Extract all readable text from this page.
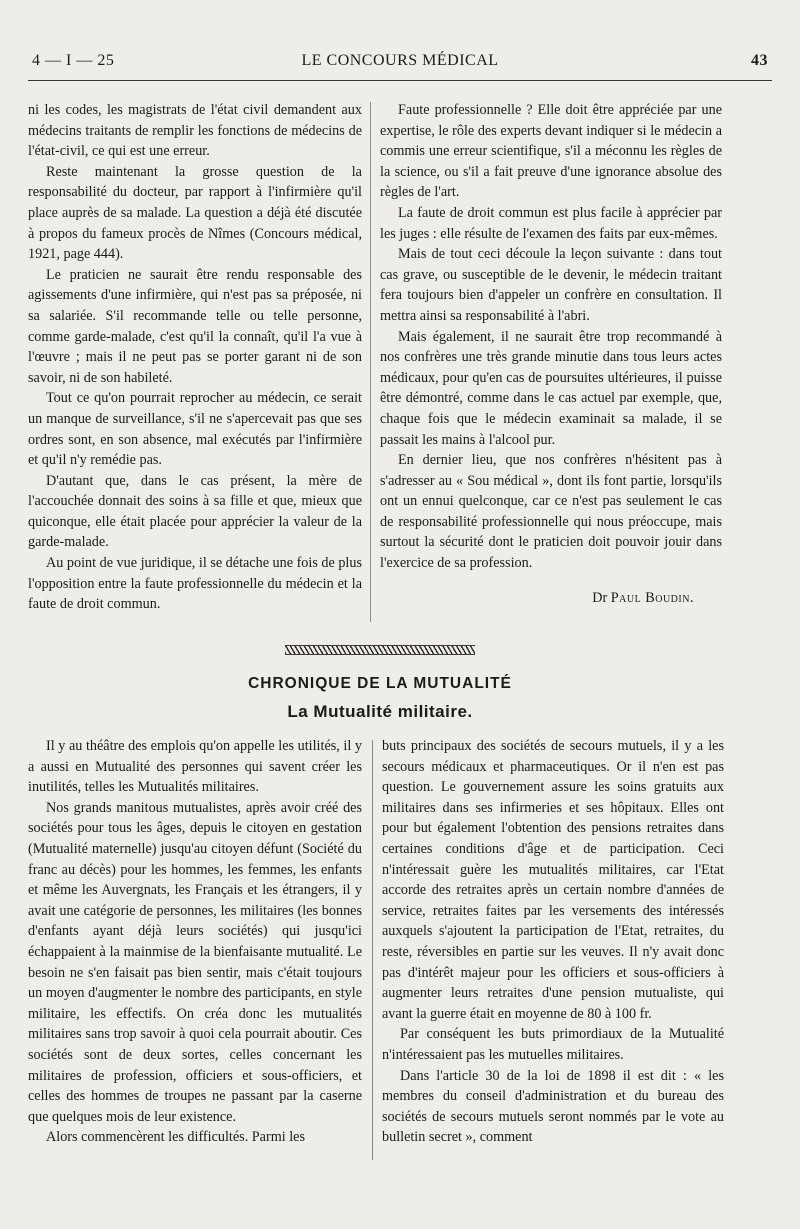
4 — I — 25	LE CONCOURS MÉDICAL	43

ni les codes, les magistrats de l'état civil demandent aux médecins traitants de remplir les fonctions de médecins de l'état-civil, ce qui est une erreur.

Reste maintenant la grosse question de la responsabilité du docteur, par rapport à l'infirmière qu'il place auprès de sa malade. La question a déjà été discutée à propos du fameux procès de Nîmes (Concours médical, 1921, page 444).

Le praticien ne saurait être rendu responsable des agissements d'une infirmière, qui n'est pas sa préposée, ni sa salariée. S'il recommande telle ou telle personne, comme garde-malade, c'est qu'il la connaît, qu'il l'a vue à l'œuvre ; mais il ne peut pas se porter garant ni de son savoir, ni de son habileté.

Tout ce qu'on pourrait reprocher au médecin, ce serait un manque de surveillance, s'il ne s'apercevait pas que ses ordres sont, en son absence, mal exécutés par l'infirmière et qu'il n'y remédie pas.

D'autant que, dans le cas présent, la mère de l'accouchée donnait des soins à sa fille et que, mieux que quiconque, elle était placée pour apprécier la valeur de la garde-malade.

Au point de vue juridique, il se détache une fois de plus l'opposition entre la faute professionnelle du médecin et la faute de droit commun.

Faute professionnelle ? Elle doit être appréciée par une expertise, le rôle des experts devant indiquer si le médecin a commis une erreur scientifique, s'il a méconnu les règles de la science, ou s'il a fait preuve d'une ignorance absolue des règles de l'art.

La faute de droit commun est plus facile à apprécier par les juges : elle résulte de l'examen des faits par eux-mêmes.

Mais de tout ceci découle la leçon suivante : dans tout cas grave, ou susceptible de le devenir, le médecin traitant fera toujours bien d'appeler un confrère en consultation. Il mettra ainsi sa responsabilité à l'abri.

Mais également, il ne saurait être trop recommandé à nos confrères une très grande minutie dans tous leurs actes médicaux, pour qu'en cas de poursuites ultérieures, il puisse être démontré, comme dans le cas actuel par exemple, que, chaque fois que le médecin examinait sa malade, il se passait les mains à l'alcool pur.

En dernier lieu, que nos confrères n'hésitent pas à s'adresser au « Sou médical », dont ils font partie, lorsqu'ils ont un ennui quelconque, car ce n'est pas seulement le cas de responsabilité professionnelle qui nous préoccupe, mais surtout la sécurité dont le praticien doit pouvoir jouir dans l'exercice de sa profession.

Dr Paul Boudin.

CHRONIQUE DE LA MUTUALITÉ
La Mutualité militaire.

Il y au théâtre des emplois qu'on appelle les utilités, il y a aussi en Mutualité des personnes qui savent créer les inutilités, telles les Mutualités militaires.

Nos grands manitous mutualistes, après avoir créé des sociétés pour tous les âges, depuis le citoyen en gestation (Mutualité maternelle) jusqu'au citoyen défunt (Société du franc au décès) pour les hommes, les femmes, les enfants et même les Auvergnats, les Français et les étrangers, il y avait une catégorie de personnes, les militaires (les bonnes d'enfants ayant déjà leurs sociétés) qui jusqu'ici échappaient à la mainmise de la bienfaisante mutualité. Le besoin ne s'en faisait pas bien sentir, mais c'était toujours un moyen d'augmenter le nombre des participants, en style militaire, les effectifs. On créa donc les mutualités militaires sans trop savoir à quoi cela pourrait aboutir. Ces sociétés sont de deux sortes, celles concernant les militaires de profession, officiers et sous-officiers, et celles des hommes de troupes ne passant par la caserne que quelques mois de leur existence.

Alors commencèrent les difficultés. Parmi les

buts principaux des sociétés de secours mutuels, il y a les secours médicaux et pharmaceutiques. Or il n'en est pas question. Le gouvernement assure les soins gratuits aux militaires dans ses infirmeries et ses hôpitaux. Elles ont pour but également l'obtention des pensions retraites dans certaines conditions d'âge et de participation. Ceci n'intéressait guère les mutualités militaires, car l'Etat accorde des retraites après un certain nombre d'années de service, retraites faites par les versements des intéressés auxquels s'ajoutent la participation de l'Etat, retraites, du reste, réversibles en partie sur les veuves. Il n'y avait donc pas d'intérêt majeur pour les officiers et sous-officiers à augmenter leurs retraites d'une pension mutualiste, qui avant la guerre était en moyenne de 80 à 100 fr.

Par conséquent les buts primordiaux de la Mutualité n'intéressaient pas les mutuelles militaires.

Dans l'article 30 de la loi de 1898 il est dit : « les membres du conseil d'administration et du bureau des sociétés de secours mutuels seront nommés par le vote au bulletin secret », comment
